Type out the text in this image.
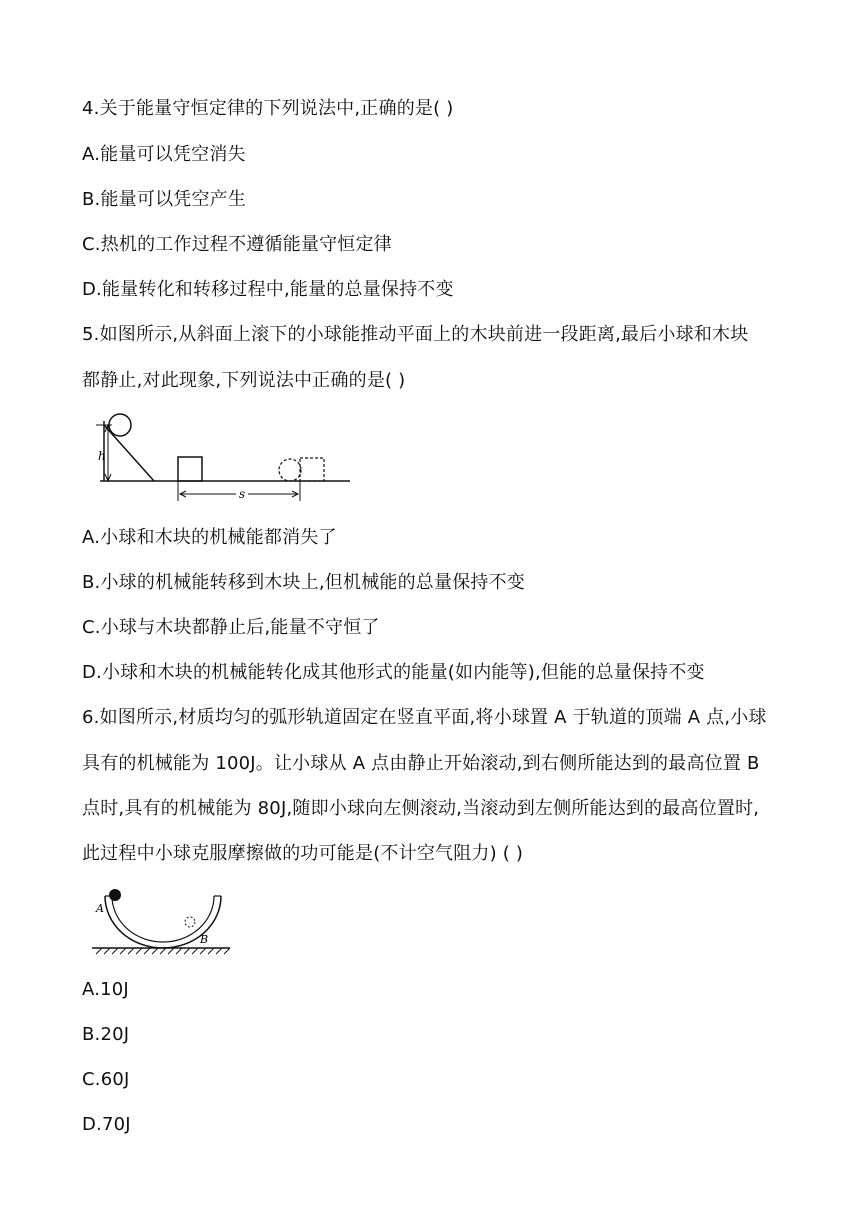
4.关于能量守恒定律的下列说法中,正确的是( )
A.能量可以凭空消失
B.能量可以凭空产生
C.热机的工作过程不遵循能量守恒定律
D.能量转化和转移过程中,能量的总量保持不变
5.如图所示,从斜面上滚下的小球能推动平面上的木块前进一段距离,最后小球和木块
都静止,对此现象,下列说法中正确的是( )
h
s
A.小球和木块的机械能都消失了
B.小球的机械能转移到木块上,但机械能的总量保持不变
C.小球与木块都静止后,能量不守恒了
D.小球和木块的机械能转化成其他形式的能量(如内能等),但能的总量保持不变
6.如图所示,材质均匀的弧形轨道固定在竖直平面,将小球置 A 于轨道的顶端 A 点,小球
具有的机械能为 100J。让小球从 A 点由静止开始滚动,到右侧所能达到的最高位置 B
点时,具有的机械能为 80J,随即小球向左侧滚动,当滚动到左侧所能达到的最高位置时,
此过程中小球克服摩擦做的功可能是(不计空气阻力) ( )
A
B
A.10J
B.20J
C.60J
D.70J
